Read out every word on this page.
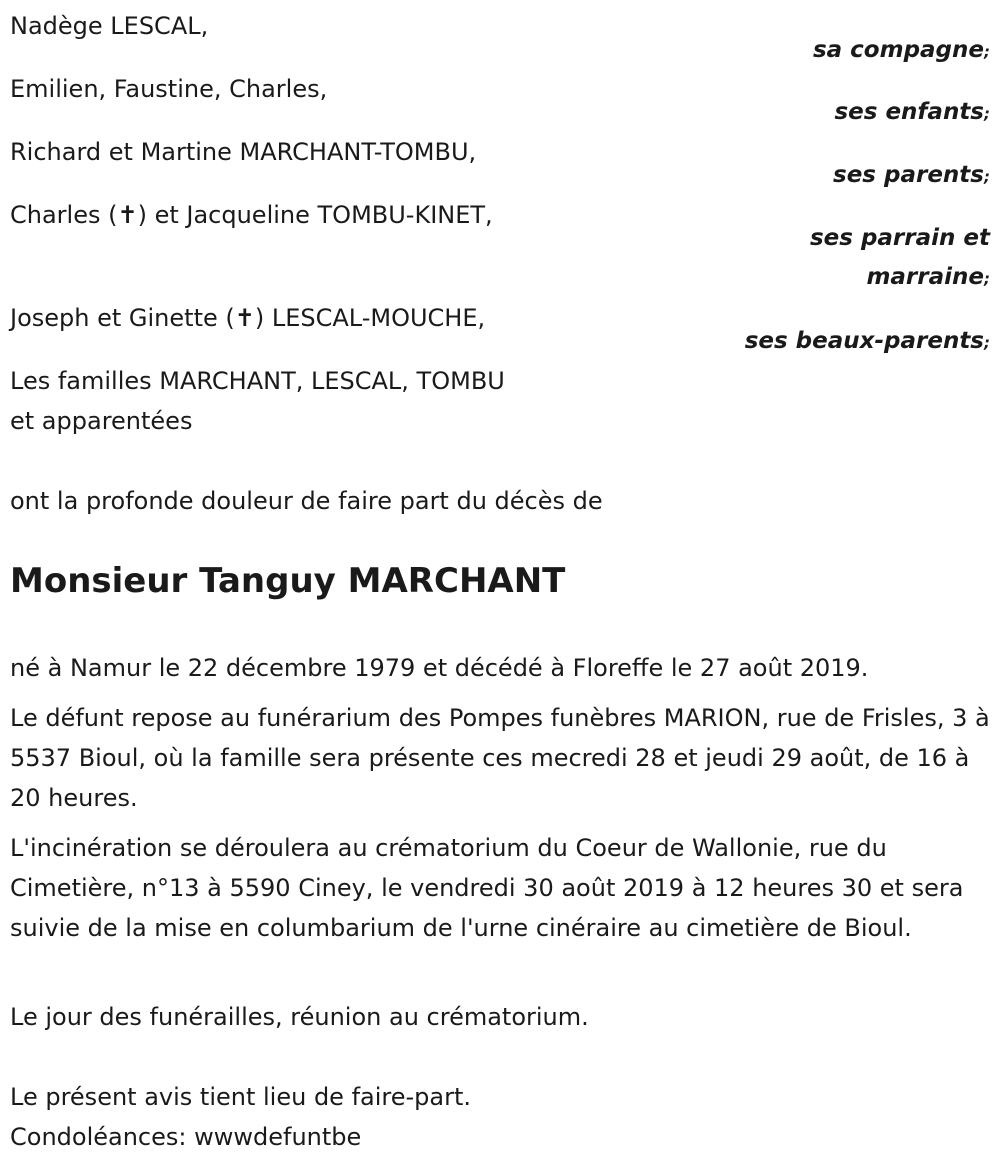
Nadège LESCAL,
sa compagne;
Emilien, Faustine, Charles,
ses enfants;
Richard et Martine MARCHANT-TOMBU,
ses parents;
Charles (✝) et Jacqueline TOMBU-KINET,
ses parrain et
marraine;
Joseph et Ginette (✝) LESCAL-MOUCHE,
ses beaux-parents;
Les familles MARCHANT, LESCAL, TOMBU
et apparentées
ont la profonde douleur de faire part du décès de
Monsieur Tanguy MARCHANT
né à Namur le 22 décembre 1979 et décédé à Floreffe le 27 août 2019.
Le défunt repose au funérarium des Pompes funèbres MARION, rue de Frisles, 3 à 5537 Bioul, où la famille sera présente ces mecredi 28 et jeudi 29 août, de 16 à 20 heures.
L'incinération se déroulera au crématorium du Coeur de Wallonie, rue du Cimetière, n°13 à 5590 Ciney, le vendredi 30 août 2019 à 12 heures 30 et sera suivie de la mise en columbarium de l'urne cinéraire au cimetière de Bioul.
Le jour des funérailles, réunion au crématorium.
Le présent avis tient lieu de faire-part.
Condoléances: wwwdefuntbe
